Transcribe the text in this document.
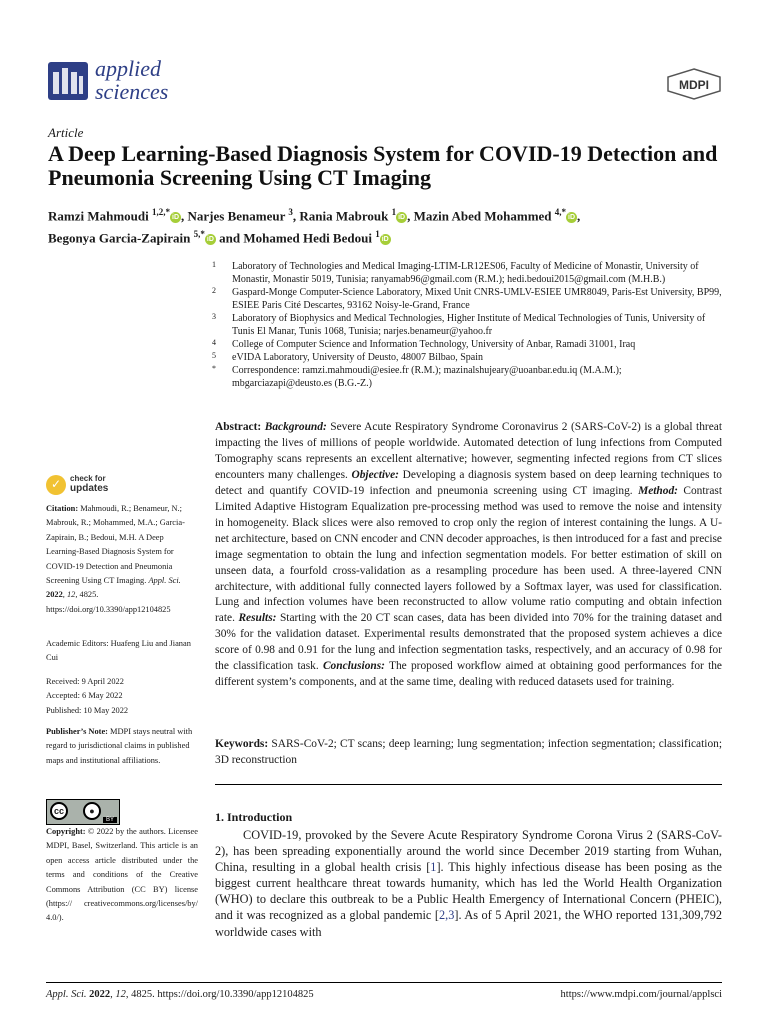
applied
sciences	MDPI
Article
A Deep Learning-Based Diagnosis System for COVID-19 Detection and Pneumonia Screening Using CT Imaging
Ramzi Mahmoudi $^{1,2,*}$iD , Narjes Benameur $^3$, Rania Mabrouk $^1$iD , Mazin Abed Mohammed $^{4,*}$iD ,
Begonya Garcia-Zapirain $^{5,*}$iD and Mohamed Hedi Bedoui $^1$iD
1 Laboratory of Technologies and Medical Imaging-LTIM-LR12ES06, Faculty of Medicine of Monastir, University of Monastir, Monastir 5019, Tunisia; ranyamab96@gmail.com (R.M.); hedi.bedoui2015@gmail.com (M.H.B.)
2 Gaspard-Monge Computer-Science Laboratory, Mixed Unit CNRS-UMLV-ESIEE UMR8049, Paris-Est University, BP99, ESIEE Paris Cité Descartes, 93162 Noisy-le-Grand, France
3 Laboratory of Biophysics and Medical Technologies, Higher Institute of Medical Technologies of Tunis, University of Tunis El Manar, Tunis 1068, Tunisia; narjes.benameur@yahoo.fr
4 College of Computer Science and Information Technology, University of Anbar, Ramadi 31001, Iraq
5 eVIDA Laboratory, University of Deusto, 48007 Bilbao, Spain
* Correspondence: ramzi.mahmoudi@esiee.fr (R.M.); mazinalshujeary@uoanbar.edu.iq (M.A.M.); mbgarciazapi@deusto.es (B.G.-Z.)
Abstract: Background: Severe Acute Respiratory Syndrome Coronavirus 2 (SARS-CoV-2) is a global threat impacting the lives of millions of people worldwide. Automated detection of lung infections from Computed Tomography scans represents an excellent alternative; however, segmenting infected regions from CT slices encounters many challenges. Objective: Developing a diagnosis system based on deep learning techniques to detect and quantify COVID-19 infection and pneumonia screening using CT imaging. Method: Contrast Limited Adaptive Histogram Equalization pre-processing method was used to remove the noise and intensity in homogeneity. Black slices were also removed to crop only the region of interest containing the lungs. A U-net architecture, based on CNN encoder and CNN decoder approaches, is then introduced for a fast and precise image segmentation to obtain the lung and infection segmentation models. For better estimation of skill on unseen data, a fourfold cross-validation as a resampling procedure has been used. A three-layered CNN architecture, with additional fully connected layers followed by a Softmax layer, was used for classification. Lung and infection volumes have been reconstructed to allow volume ratio computing and obtain infection rate. Results: Starting with the 20 CT scan cases, data has been divided into 70% for the training dataset and 30% for the validation dataset. Experimental results demonstrated that the proposed system achieves a dice score of 0.98 and 0.91 for the lung and infection segmentation tasks, respectively, and an accuracy of 0.98 for the classification task. Conclusions: The proposed workflow aimed at obtaining good performances for the different system’s components, and at the same time, dealing with reduced datasets used for training.
Keywords: SARS-CoV-2; CT scans; deep learning; lung segmentation; infection segmentation; classification; 3D reconstruction
1. Introduction

COVID-19, provoked by the Severe Acute Respiratory Syndrome Corona Virus 2 (SARS-CoV-2), has been spreading exponentially around the world since December 2019 starting from Wuhan, China, resulting in a global health crisis [1]. This highly infectious disease has been posing as the biggest current healthcare threat towards humanity, which has led the World Health Organization (WHO) to declare this outbreak to be a Public Health Emergency of International Concern (PHEIC), and it was recognized as a global pandemic [2,3]. As of 5 April 2021, the WHO reported 131,309,792 worldwide cases with

✓
check for
updates
Citation: Mahmoudi, R.; Benameur, N.; Mabrouk, R.; Mohammed, M.A.; Garcia-Zapirain, B.; Bedoui, M.H. A Deep Learning-Based Diagnosis System for COVID-19 Detection and Pneumonia Screening Using CT Imaging. Appl. Sci. 2022, 12, 4825. https://doi.org/10.3390/app12104825
Academic Editors: Huafeng Liu and Jianan Cui
Received: 9 April 2022
Accepted: 6 May 2022
Published: 10 May 2022
Publisher’s Note: MDPI stays neutral with regard to jurisdictional claims in published maps and institutional affiliations.
cc	●
BY
Copyright: © 2022 by the authors. Licensee MDPI, Basel, Switzerland. This article is an open access article distributed under the terms and conditions of the Creative Commons Attribution (CC BY) license (https:// creativecommons.org/licenses/by/ 4.0/).
Appl. Sci. 2022, 12, 4825. https://doi.org/10.3390/app12104825	https://www.mdpi.com/journal/applsci
